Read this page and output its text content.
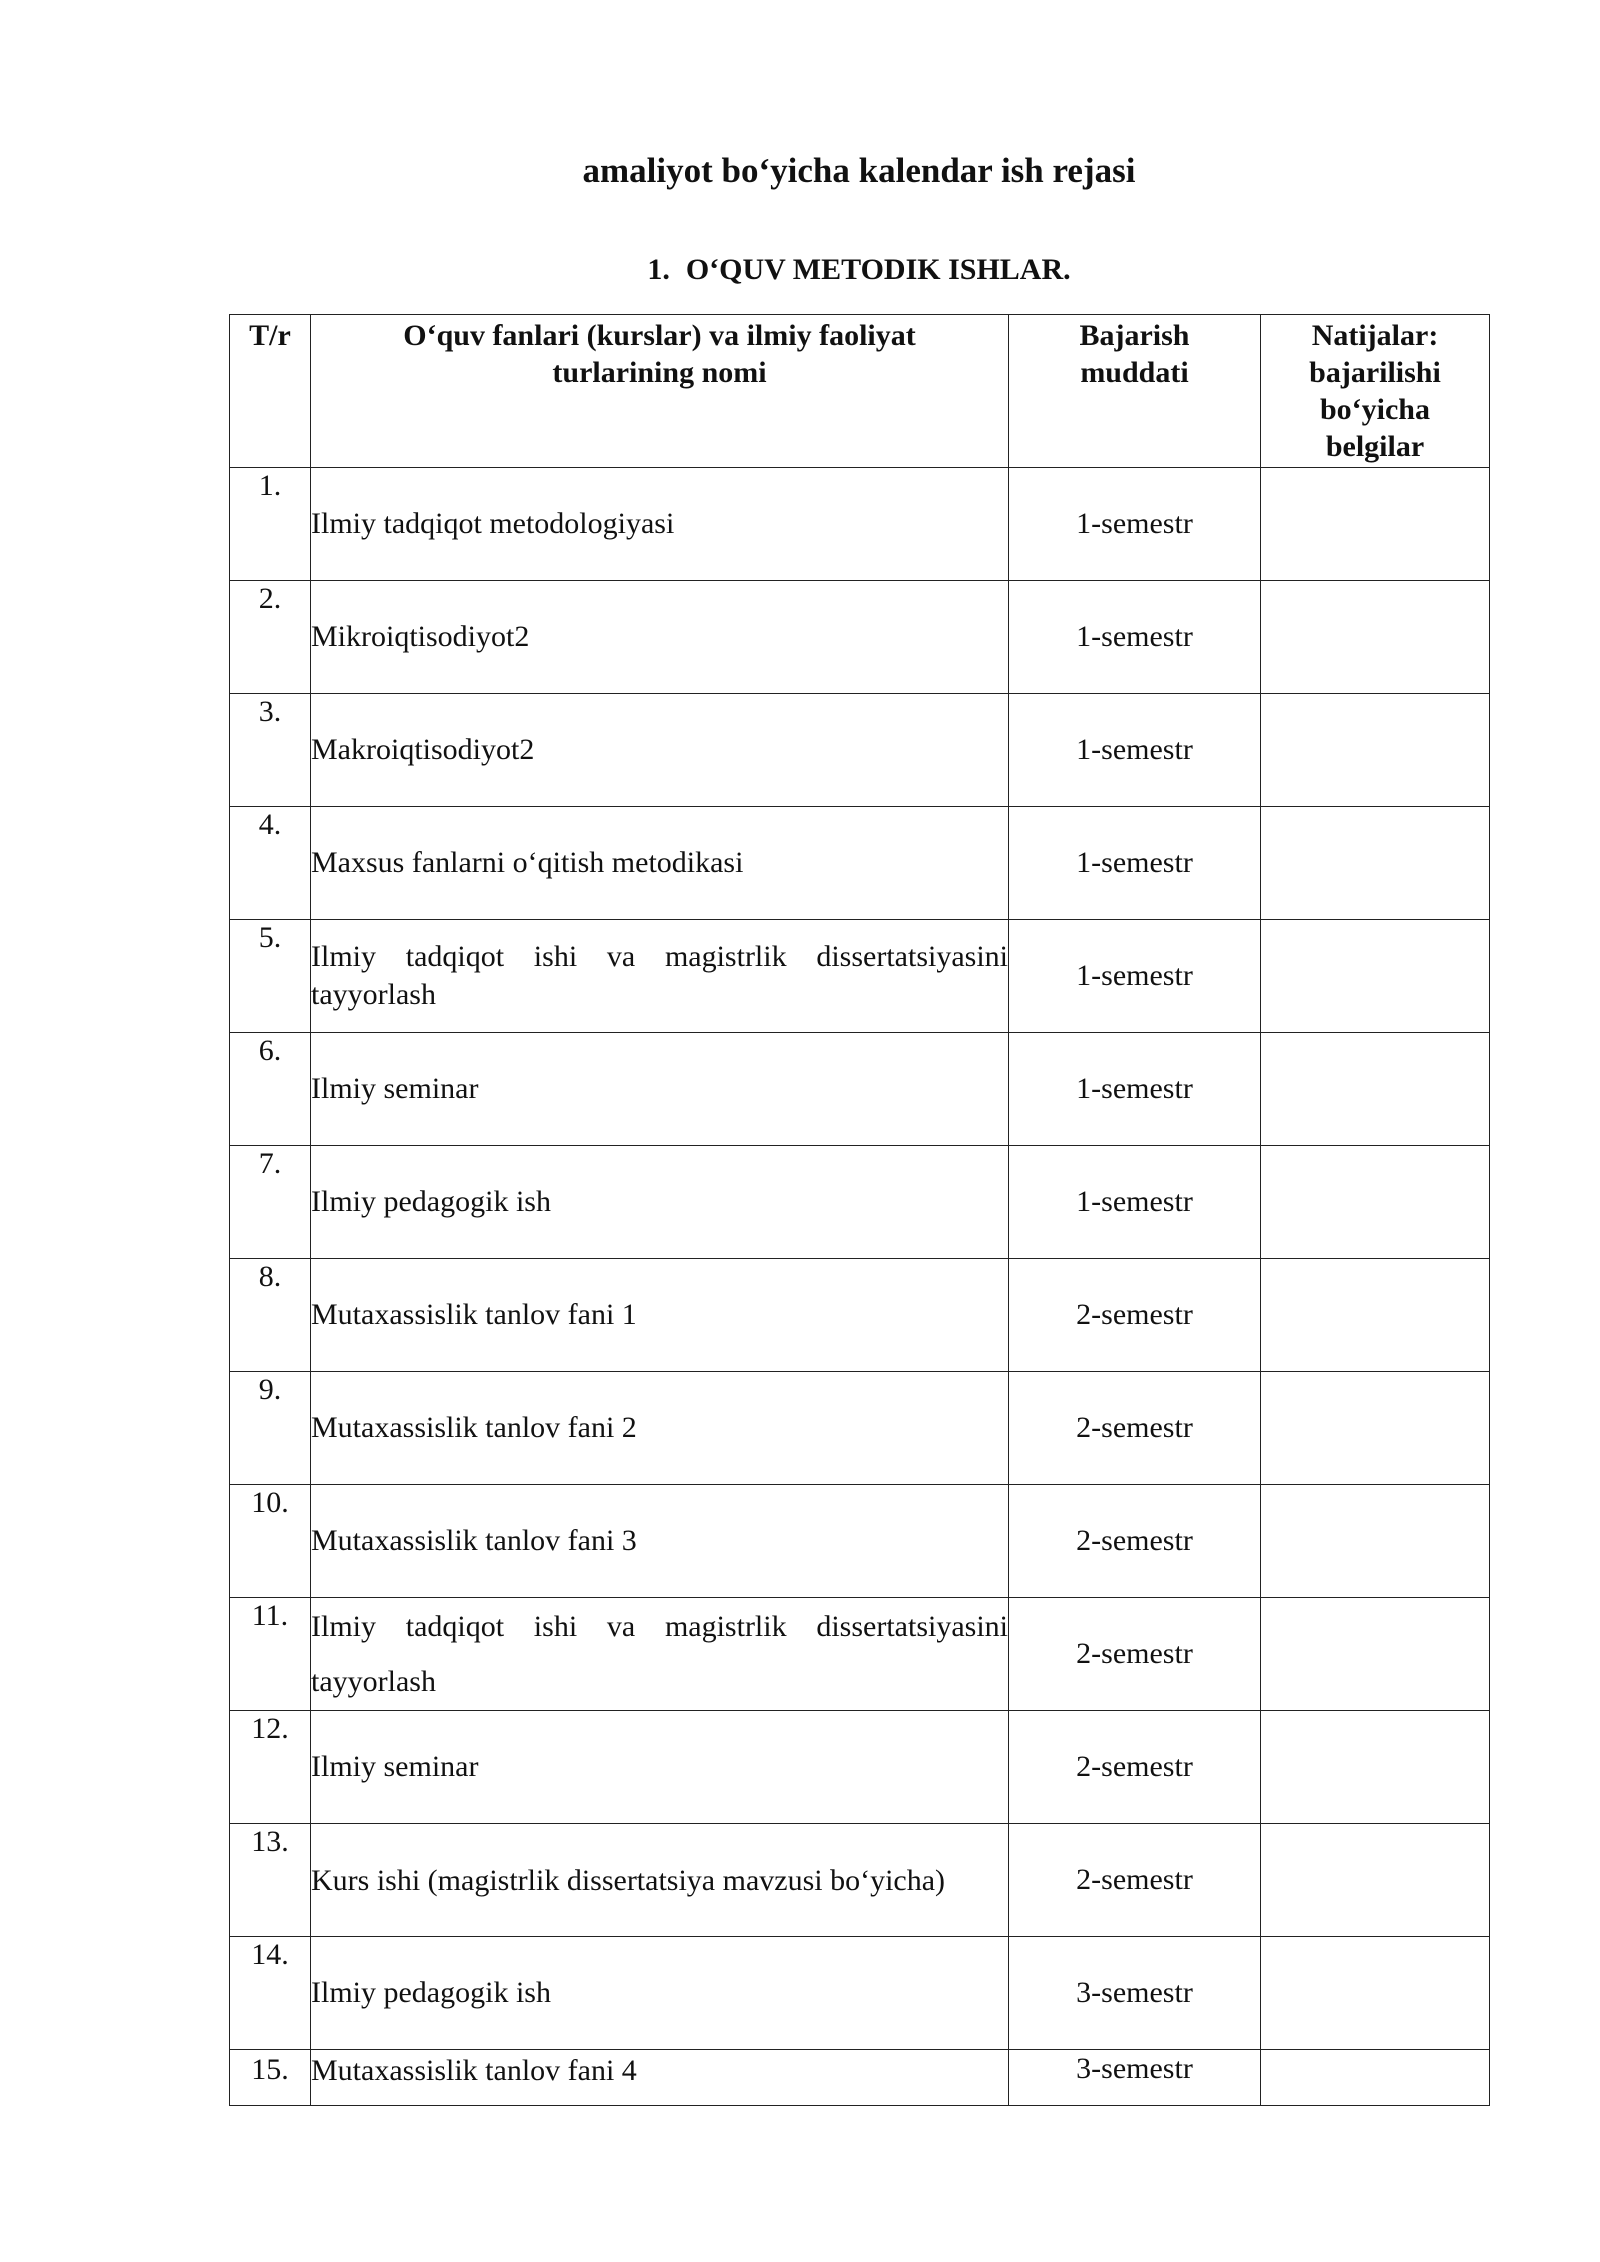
amaliyot bo‘yicha kalendar ish rejasi
1. O‘QUV METODIK ISHLAR.
T/r	O‘quv fanlari (kurslar) va ilmiy faoliyat turlarining nomi	Bajarish muddati	Natijalar: bajarilishi bo‘yicha belgilar
1.	Ilmiy tadqiqot metodologiyasi	1-semestr	
2.	Mikroiqtisodiyot2	1-semestr	
3.	Makroiqtisodiyot2	1-semestr	
4.	Maxsus fanlarni o‘qitish metodikasi	1-semestr	
5.	Ilmiy tadqiqot ishi va magistrlik dissertatsiyasini tayyorlash	1-semestr	
6.	Ilmiy seminar	1-semestr	
7.	Ilmiy pedagogik ish	1-semestr	
8.	Mutaxassislik tanlov fani 1	2-semestr	
9.	Mutaxassislik tanlov fani 2	2-semestr	
10.	Mutaxassislik tanlov fani 3	2-semestr	
11.	Ilmiy tadqiqot ishi va magistrlik dissertatsiyasini tayyorlash	2-semestr	
12.	Ilmiy seminar	2-semestr	
13.	Kurs ishi (magistrlik dissertatsiya mavzusi bo‘yicha)	2-semestr	
14.	Ilmiy pedagogik ish	3-semestr	
15.	Mutaxassislik tanlov fani 4	3-semestr	
